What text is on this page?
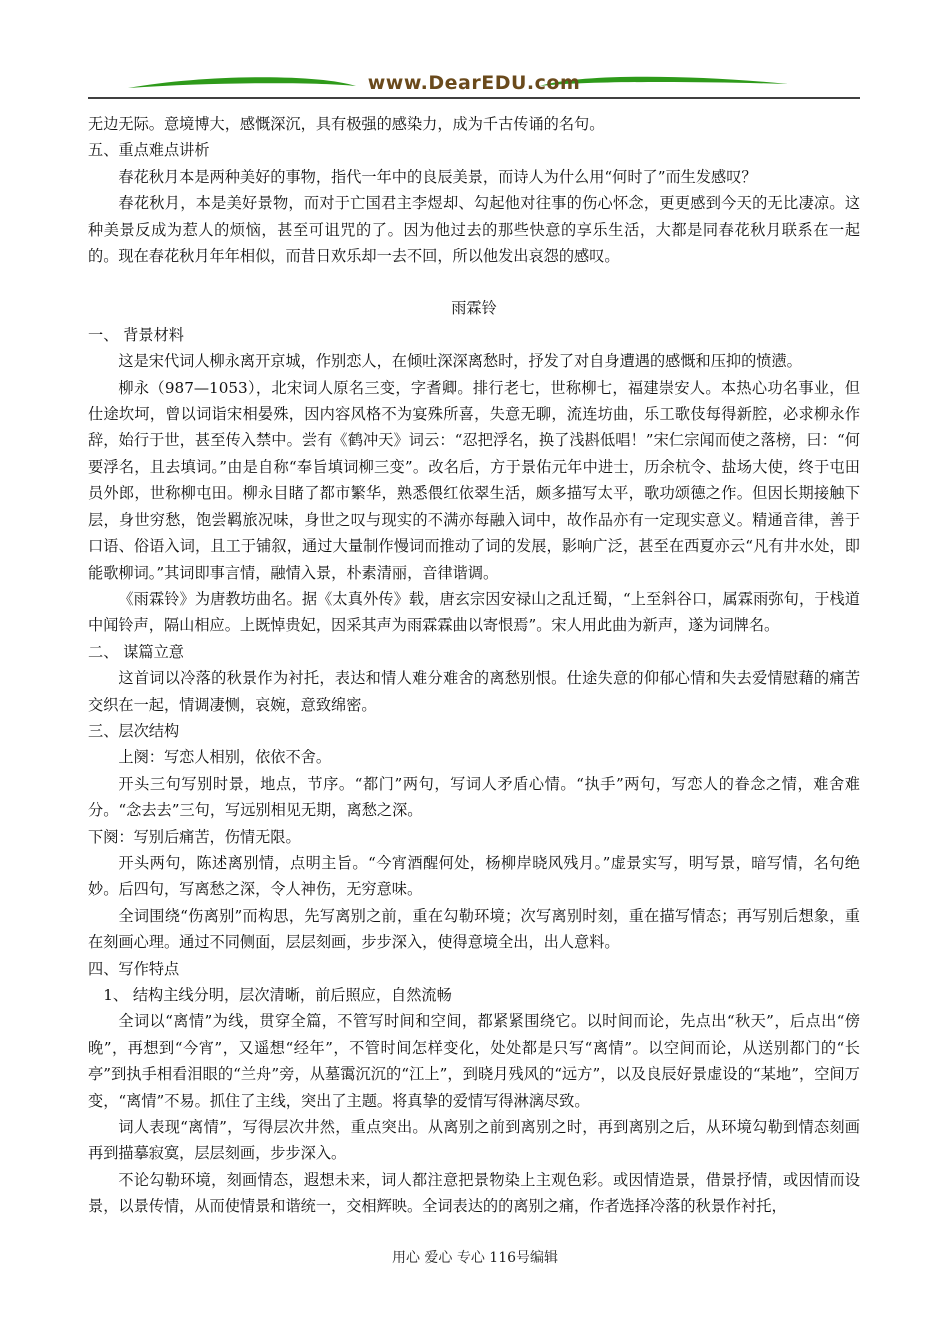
www.DearEDU.com

无边无际。意境博大，感慨深沉，具有极强的感染力，成为千古传诵的名句。

五、重点难点讲析

春花秋月本是两种美好的事物，指代一年中的良辰美景，而诗人为什么用“何时了”而生发感叹？

春花秋月，本是美好景物，而对于亡国君主李煜却、勾起他对往事的伤心怀念，更更感到今天的无比凄凉。这种美景反成为惹人的烦恼，甚至可诅咒的了。因为他过去的那些快意的享乐生活，大都是同春花秋月联系在一起的。现在春花秋月年年相似，而昔日欢乐却一去不回，所以他发出哀怨的感叹。

雨霖铃

一、 背景材料

这是宋代词人柳永离开京城，作别恋人，在倾吐深深离愁时，抒发了对自身遭遇的感慨和压抑的愤懑。

柳永（987—1053），北宋词人原名三变，字耆卿。排行老七，世称柳七，福建崇安人。本热心功名事业，但仕途坎坷，曾以词诣宋相晏殊，因内容风格不为宴殊所喜，失意无聊，流连坊曲，乐工歌伎每得新腔，必求柳永作辞，始行于世，甚至传入禁中。尝有《鹤冲天》词云：“忍把浮名，换了浅斟低唱！”宋仁宗闻而使之落榜，曰：“何要浮名，且去填词。”由是自称“奉旨填词柳三变”。改名后，方于景佑元年中进士，历余杭令、盐场大使，终于屯田员外郎，世称柳屯田。柳永目睹了都市繁华，熟悉偎红依翠生活，颇多描写太平，歌功颂德之作。但因长期接触下层，身世穷愁，饱尝羁旅况味，身世之叹与现实的不满亦每融入词中，故作品亦有一定现实意义。精通音律，善于口语、俗语入词，且工于铺叙，通过大量制作慢词而推动了词的发展，影响广泛，甚至在西夏亦云“凡有井水处，即能歌柳词。”其词即事言情，融情入景，朴素清丽，音律谐调。

《雨霖铃》为唐教坊曲名。据《太真外传》载，唐玄宗因安禄山之乱迁蜀，“上至斜谷口，属霖雨弥旬，于栈道中闻铃声，隔山相应。上既悼贵妃，因采其声为雨霖霖曲以寄恨焉”。宋人用此曲为新声，遂为词牌名。

二、 谋篇立意

这首词以冷落的秋景作为衬托，表达和情人难分难舍的离愁别恨。仕途失意的仰郁心情和失去爱情慰藉的痛苦交织在一起，情调凄恻，哀婉，意致绵密。

三、层次结构

上阕：写恋人相别，依依不舍。

开头三句写别时景，地点，节序。“都门”两句，写词人矛盾心情。“执手”两句，写恋人的眷念之情，难舍难分。“念去去”三句，写远别相见无期，离愁之深。

下阕：写别后痛苦，伤情无限。

开头两句，陈述离别情，点明主旨。“今宵酒醒何处，杨柳岸晓风残月。”虚景实写，明写景，暗写情，名句绝妙。后四句，写离愁之深，令人神伤，无穷意味。

全词围绕“伤离别”而构思，先写离别之前，重在勾勒环境；次写离别时刻，重在描写情态；再写别后想象，重在刻画心理。通过不同侧面，层层刻画，步步深入，使得意境全出，出人意料。

四、写作特点

1、 结构主线分明，层次清晰，前后照应，自然流畅

全词以“离情”为线，贯穿全篇，不管写时间和空间，都紧紧围绕它。以时间而论，先点出“秋天”，后点出“傍晚”，再想到“今宵”，又遥想“经年”，不管时间怎样变化，处处都是只写“离情”。以空间而论，从送别都门的“长亭”到执手相看泪眼的“兰舟”旁，从墓霭沉沉的“江上”，到晓月残风的“远方”，以及良辰好景虚设的“某地”，空间万变，“离情”不易。抓住了主线，突出了主题。将真挚的爱情写得淋漓尽致。

词人表现“离情”，写得层次井然，重点突出。从离别之前到离别之时，再到离别之后，从环境勾勒到情态刻画再到描摹寂寞，层层刻画，步步深入。

不论勾勒环境，刻画情态，遐想未来，词人都注意把景物染上主观色彩。或因情造景，借景抒情，或因情而设景，以景传情，从而使情景和谐统一，交相辉映。全词表达的的离别之痛，作者选择冷落的秋景作衬托，

用心 爱心 专心 116号编辑
